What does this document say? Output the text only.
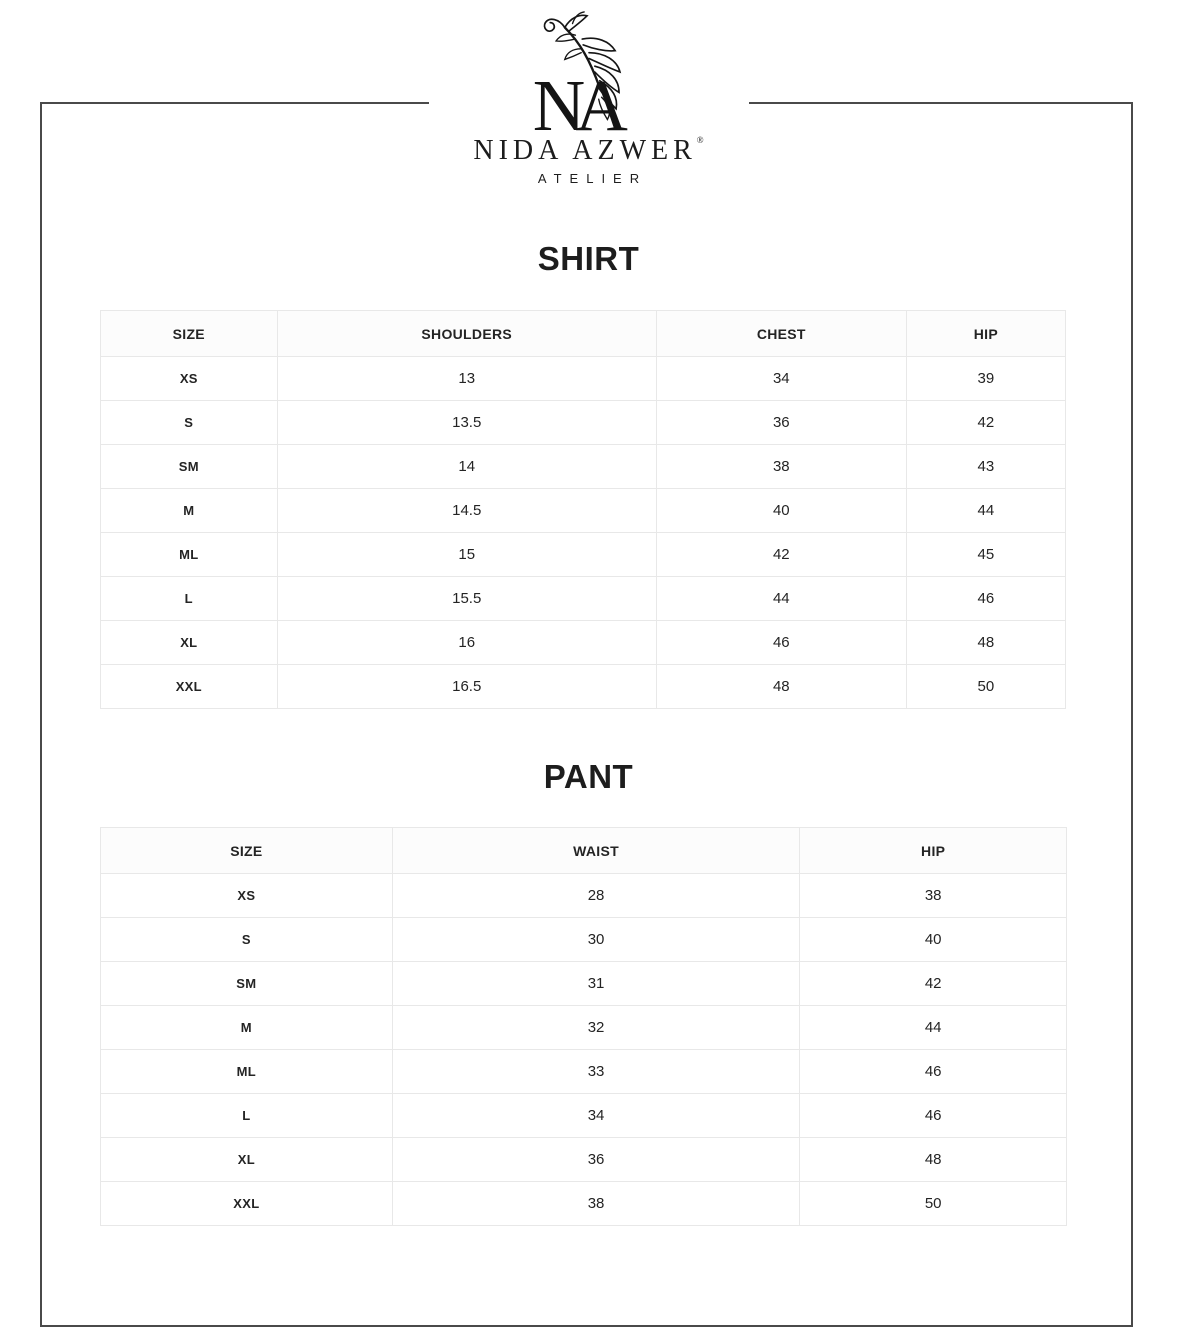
N
A
NIDA AZWER®
ATELIER
SHIRT
SIZE	SHOULDERS	CHEST	HIP
XS	13	34	39
S	13.5	36	42
SM	14	38	43
M	14.5	40	44
ML	15	42	45
L	15.5	44	46
XL	16	46	48
XXL	16.5	48	50
PANT
SIZE	WAIST	HIP
XS	28	38
S	30	40
SM	31	42
M	32	44
ML	33	46
L	34	46
XL	36	48
XXL	38	50
